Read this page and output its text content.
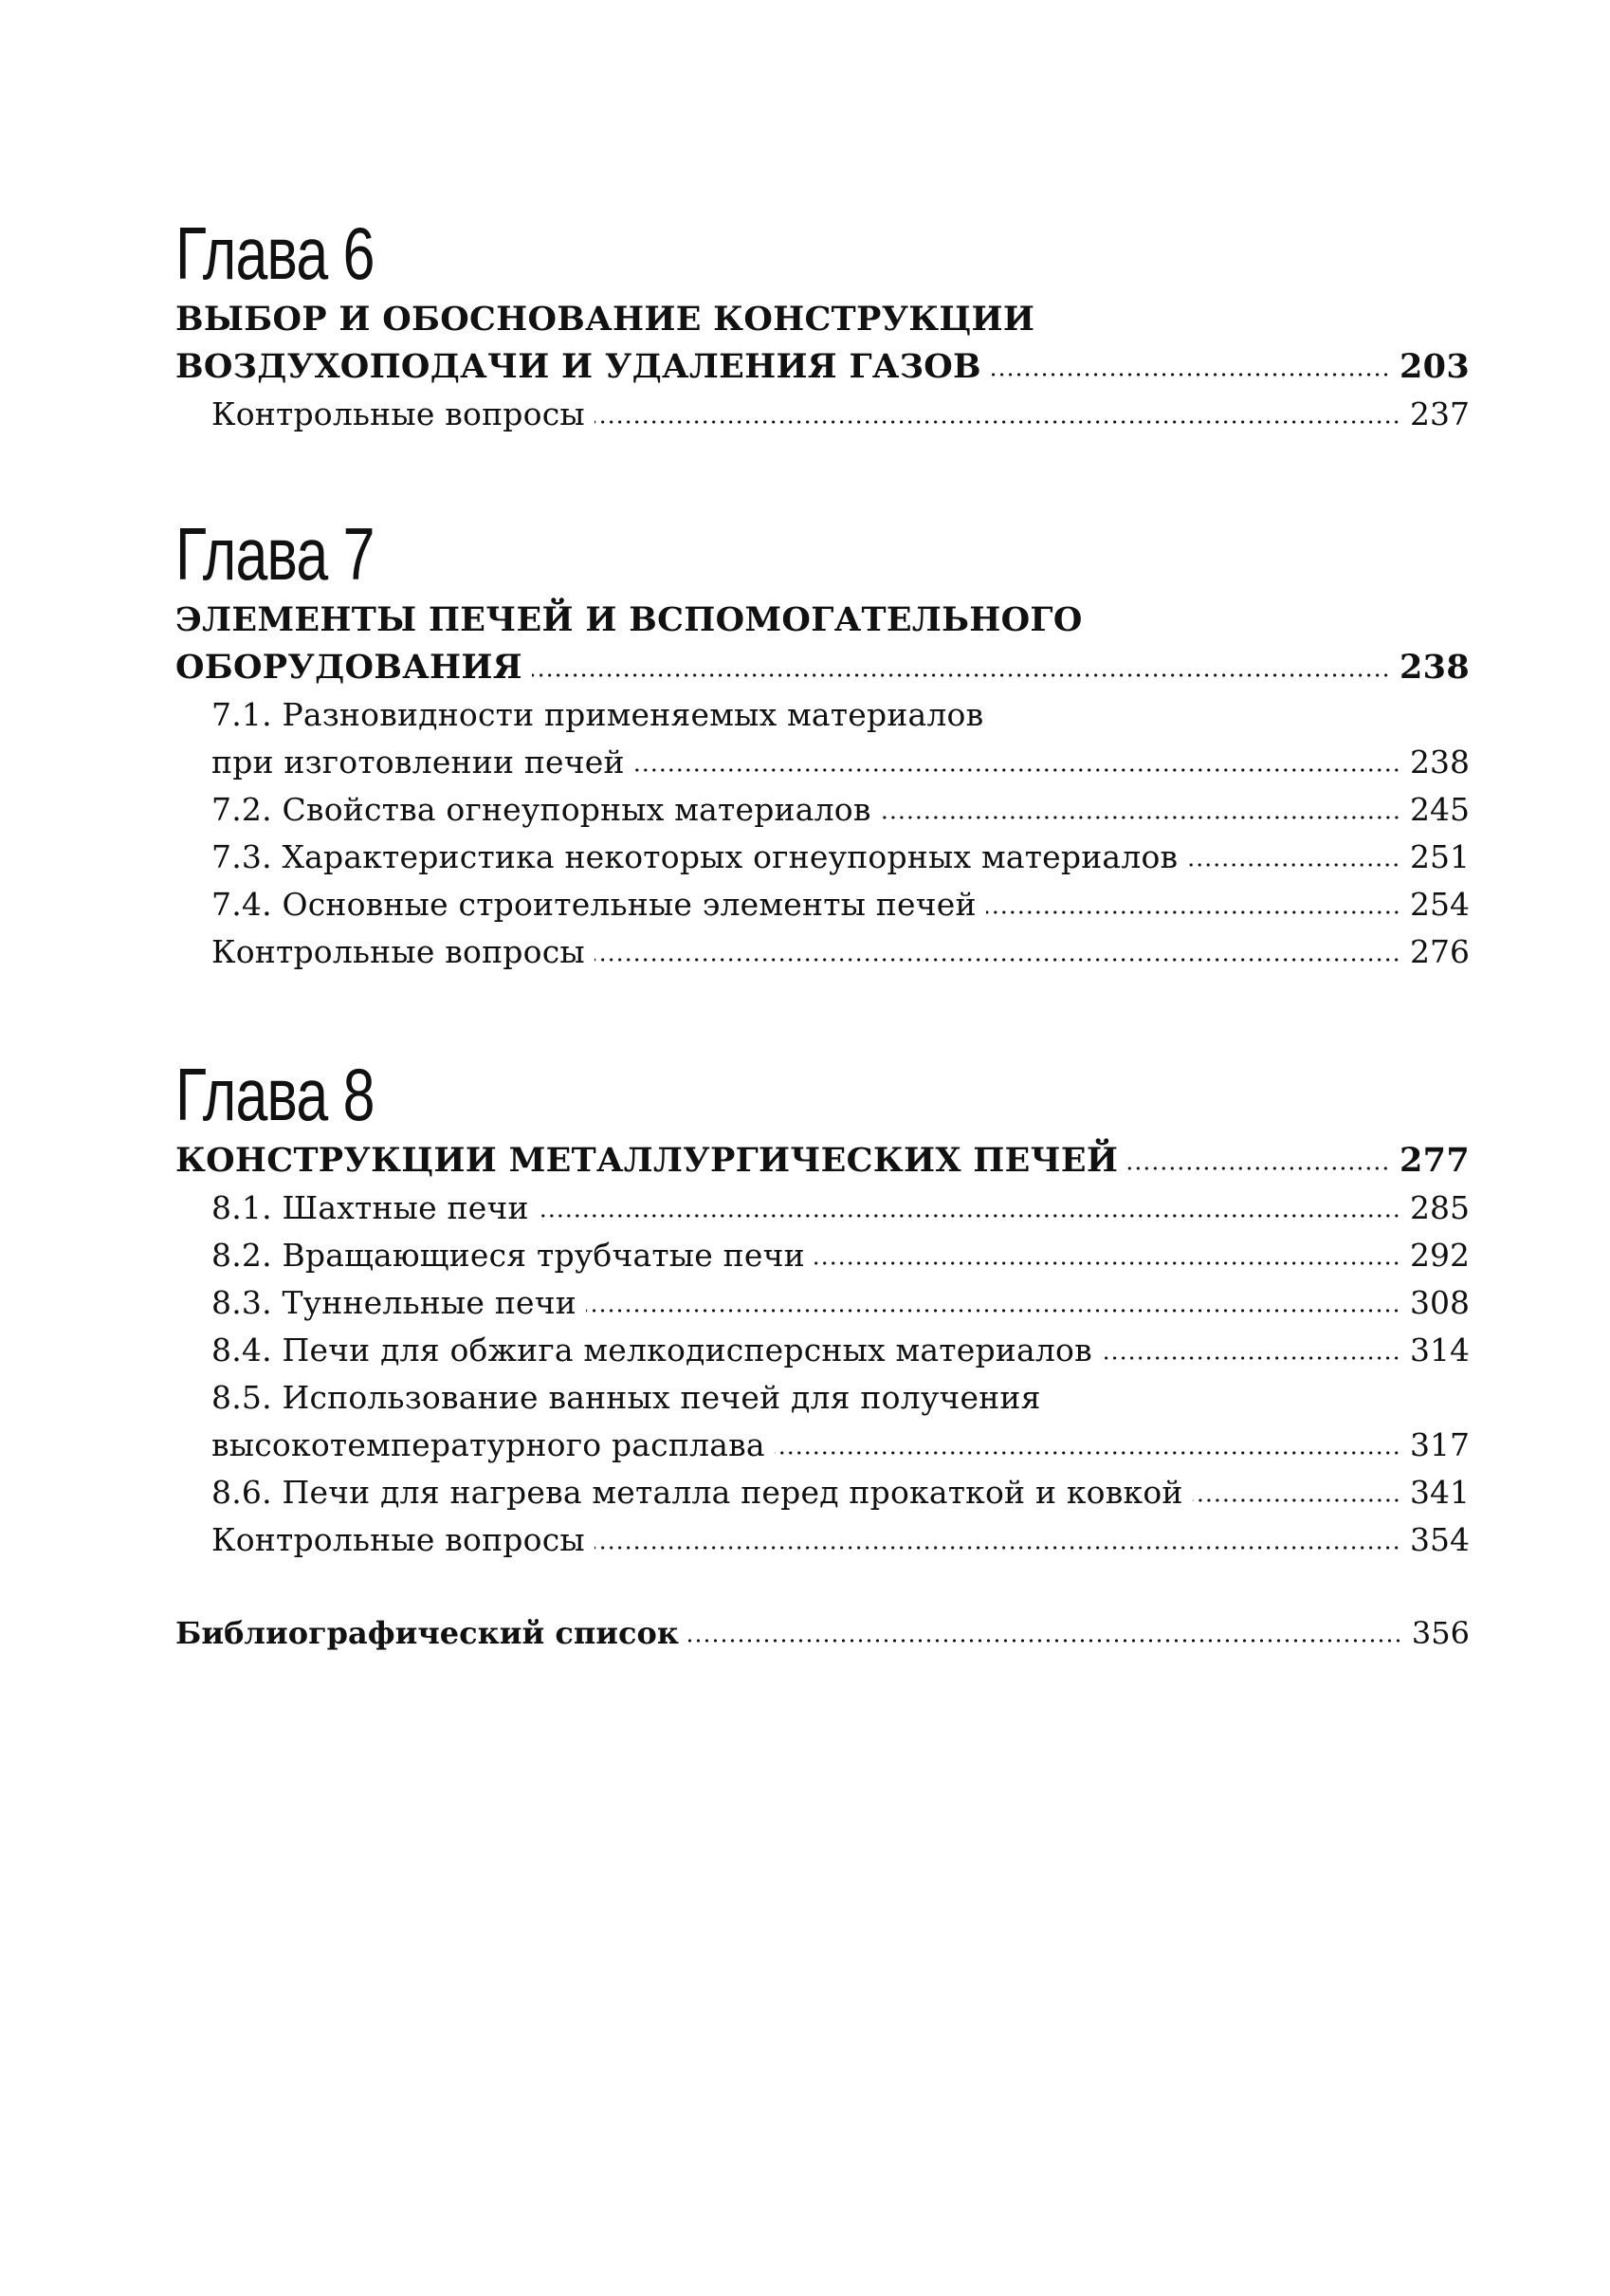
Глава 6
ВЫБОР И ОБОСНОВАНИЕ КОНСТРУКЦИИ
ВОЗДУХОПОДАЧИ И УДАЛЕНИЯ ГАЗОВ	203
Контрольные вопросы	237
Глава 7
ЭЛЕМЕНТЫ ПЕЧЕЙ И ВСПОМОГАТЕЛЬНОГО
ОБОРУДОВАНИЯ	238
7.1. Разновидности применяемых материалов
при изготовлении печей	238
7.2. Свойства огнеупорных материалов	245
7.3. Характеристика некоторых огнеупорных материалов	251
7.4. Основные строительные элементы печей	254
Контрольные вопросы	276
Глава 8
КОНСТРУКЦИИ МЕТАЛЛУРГИЧЕСКИХ ПЕЧЕЙ	277
8.1. Шахтные печи	285
8.2. Вращающиеся трубчатые печи	292
8.3. Туннельные печи	308
8.4. Печи для обжига мелкодисперсных материалов	314
8.5. Использование ванных печей для получения
высокотемпературного расплава	317
8.6. Печи для нагрева металла перед прокаткой и ковкой	341
Контрольные вопросы	354
Библиографический список	356
